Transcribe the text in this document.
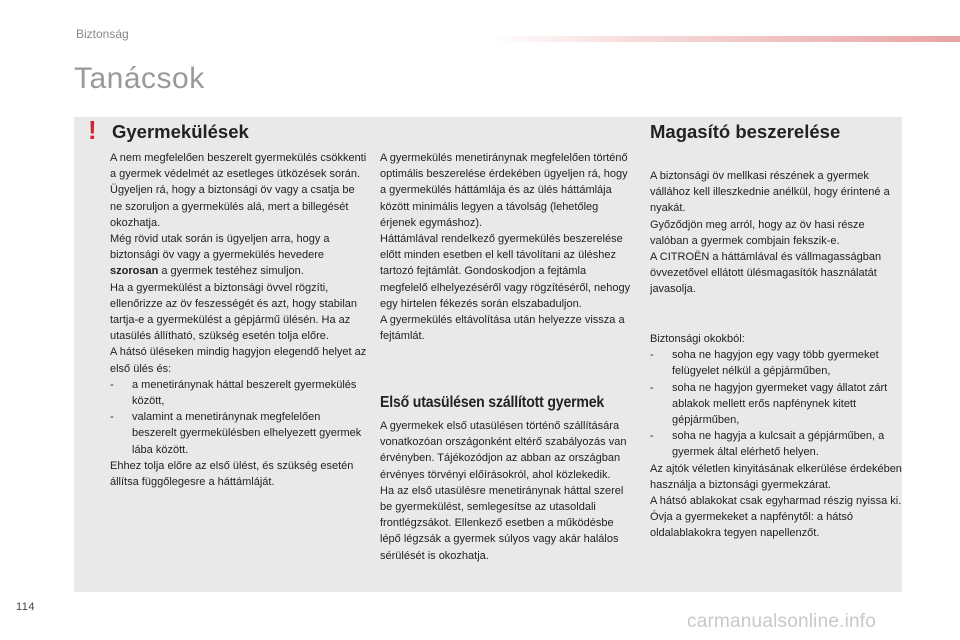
Biztonság
Tanácsok
! Gyermekülések	Magasító beszerelése

A nem megfelelően beszerelt gyermekülés csökkenti a gyermek védelmét az esetleges ütközések során.

Ügyeljen rá, hogy a biztonsági öv vagy a csatja be ne szoruljon a gyermekülés alá, mert a billegését okozhatja.

Még rövid utak során is ügyeljen arra, hogy a biztonsági öv vagy a gyermekülés hevedere szorosan a gyermek testéhez simuljon.

Ha a gyermekülést a biztonsági övvel rögzíti, ellenőrizze az öv feszességét és azt, hogy stabilan tartja-e a gyermekülést a gépjármű ülésén. Ha az utasülés állítható, szükség esetén tolja előre.

A hátsó üléseken mindig hagyjon elegendő helyet az első ülés és:

- a menetiránynak háttal beszerelt gyermekülés között,

- valamint a menetiránynak megfelelően beszerelt gyermekülésben elhelyezett gyermek lába között.

Ehhez tolja előre az első ülést, és szükség esetén állítsa függőlegesre a háttámláját.

A gyermekülés menetiránynak megfelelően történő optimális beszerelése érdekében ügyeljen rá, hogy a gyermekülés háttámlája és az ülés háttámlája között minimális legyen a távolság (lehetőleg érjenek egymáshoz).

Háttámlával rendelkező gyermekülés beszerelése előtt minden esetben el kell távolítani az üléshez tartozó fejtámlát. Gondoskodjon a fejtámla megfelelő elhelyezéséről vagy rögzítéséről, nehogy egy hirtelen fékezés során elszabaduljon.

A gyermekülés eltávolítása után helyezze vissza a fejtámlát.

Első utasülésen szállított gyermek

A gyermekek első utasülésen történő szállítására vonatkozóan országonként eltérő szabályozás van érvényben. Tájékozódjon az abban az országban érvényes törvényi előírásokról, ahol közlekedik.

Ha az első utasülésre menetiránynak háttal szerel be gyermekülést, semlegesítse az utasoldali frontlégzsákot. Ellenkező esetben a működésbe lépő légzsák a gyermek súlyos vagy akár halálos sérülését is okozhatja.

A biztonsági öv mellkasi részének a gyermek vállához kell illeszkednie anélkül, hogy érintené a nyakát.

Győződjön meg arról, hogy az öv hasi része valóban a gyermek combjain fekszik-e.

A CITROËN a háttámlával és vállmagasságban övvezetővel ellátott ülésmagasítók használatát javasolja.

Biztonsági okokból:

- soha ne hagyjon egy vagy több gyermeket felügyelet nélkül a gépjárműben,

- soha ne hagyjon gyermeket vagy állatot zárt ablakok mellett erős napfénynek kitett gépjárműben,

- soha ne hagyja a kulcsait a gépjárműben, a gyermek által elérhető helyen.

Az ajtók véletlen kinyitásának elkerülése érdekében használja a biztonsági gyermekzárat.

A hátsó ablakokat csak egyharmad részig nyissa ki.

Óvja a gyermekeket a napfénytől: a hátsó oldalablakokra tegyen napellenzőt.

114
carmanualsonline.info
